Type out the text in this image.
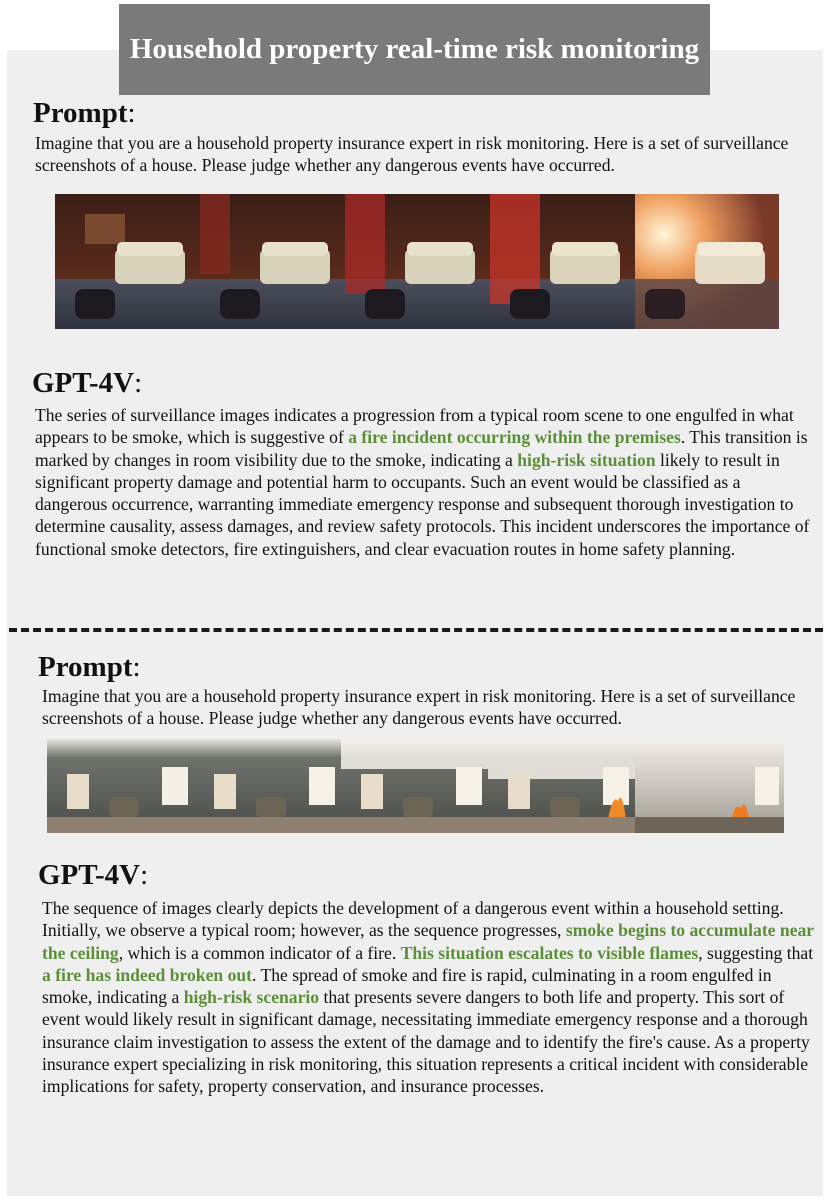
Household property real-time risk monitoring
Prompt:
Imagine that you are a household property insurance expert in risk monitoring. Here is a set of surveillance screenshots of a house. Please judge whether any dangerous events have occurred.
GPT-4V:
The series of surveillance images indicates a progression from a typical room scene to one engulfed in what appears to be smoke, which is suggestive of a fire incident occurring within the premises. This transition is marked by changes in room visibility due to the smoke, indicating a high-risk situation likely to result in significant property damage and potential harm to occupants. Such an event would be classified as a dangerous occurrence, warranting immediate emergency response and subsequent thorough investigation to determine causality, assess damages, and review safety protocols. This incident underscores the importance of functional smoke detectors, fire extinguishers, and clear evacuation routes in home safety planning.
Prompt:
Imagine that you are a household property insurance expert in risk monitoring. Here is a set of surveillance screenshots of a house. Please judge whether any dangerous events have occurred.
GPT-4V:
The sequence of images clearly depicts the development of a dangerous event within a household setting. Initially, we observe a typical room; however, as the sequence progresses, smoke begins to accumulate near the ceiling, which is a common indicator of a fire. This situation escalates to visible flames, suggesting that a fire has indeed broken out. The spread of smoke and fire is rapid, culminating in a room engulfed in smoke, indicating a high-risk scenario that presents severe dangers to both life and property. This sort of event would likely result in significant damage, necessitating immediate emergency response and a thorough insurance claim investigation to assess the extent of the damage and to identify the fire's cause. As a property insurance expert specializing in risk monitoring, this situation represents a critical incident with considerable implications for safety, property conservation, and insurance processes.
